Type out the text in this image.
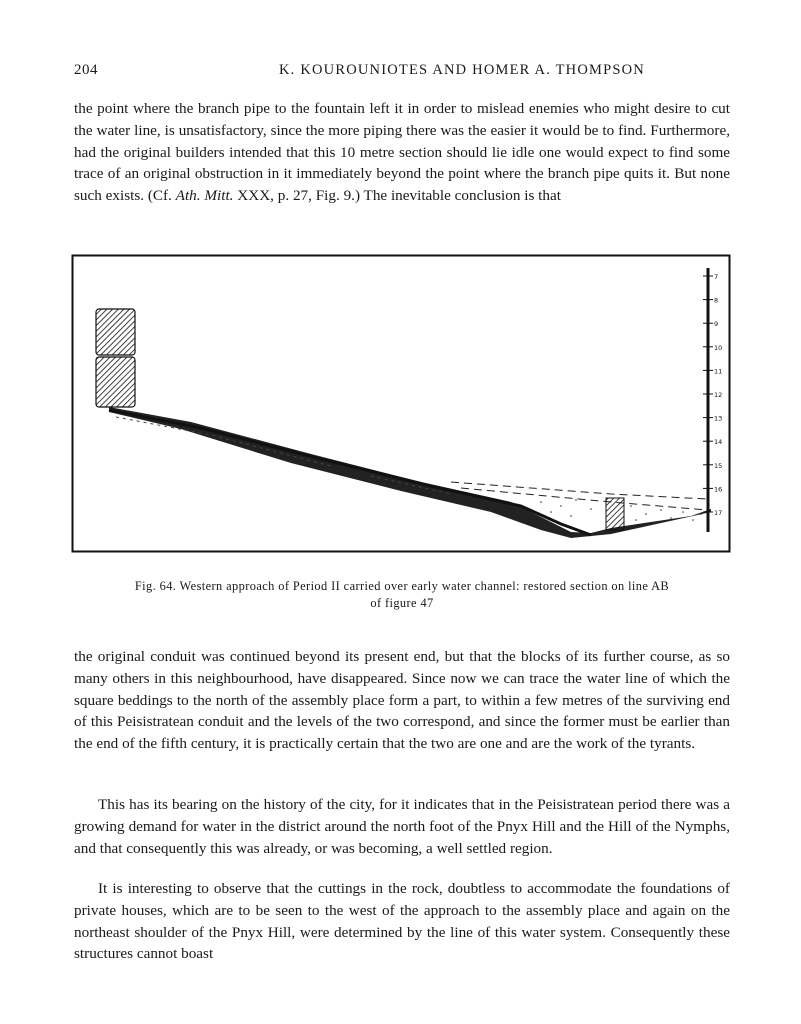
204	K. KOUROUNIOTES AND HOMER A. THOMPSON

the point where the branch pipe to the fountain left it in order to mislead enemies who might desire to cut the water line, is unsatisfactory, since the more piping there was the easier it would be to find. Furthermore, had the original builders intended that this 10 metre section should lie idle one would expect to find some trace of an original obstruction in it immediately beyond the point where the branch pipe quits it. But none such exists. (Cf. Ath. Mitt. XXX, p. 27, Fig. 9.) The inevitable conclusion is that

7
8
9
10
11
12
13
14
15
16
17

Fig. 64. Western approach of Period II carried over early water channel: restored section on line AB
of figure 47

the original conduit was continued beyond its present end, but that the blocks of its further course, as so many others in this neighbourhood, have disappeared. Since now we can trace the water line of which the square beddings to the north of the assembly place form a part, to within a few metres of the surviving end of this Peisistratean conduit and the levels of the two correspond, and since the former must be earlier than the end of the fifth century, it is practically certain that the two are one and are the work of the tyrants.

This has its bearing on the history of the city, for it indicates that in the Peisistratean period there was a growing demand for water in the district around the north foot of the Pnyx Hill and the Hill of the Nymphs, and that consequently this was already, or was becoming, a well settled region.

It is interesting to observe that the cuttings in the rock, doubtless to accommodate the foundations of private houses, which are to be seen to the west of the approach to the assembly place and again on the northeast shoulder of the Pnyx Hill, were determined by the line of this water system. Consequently these structures cannot boast
